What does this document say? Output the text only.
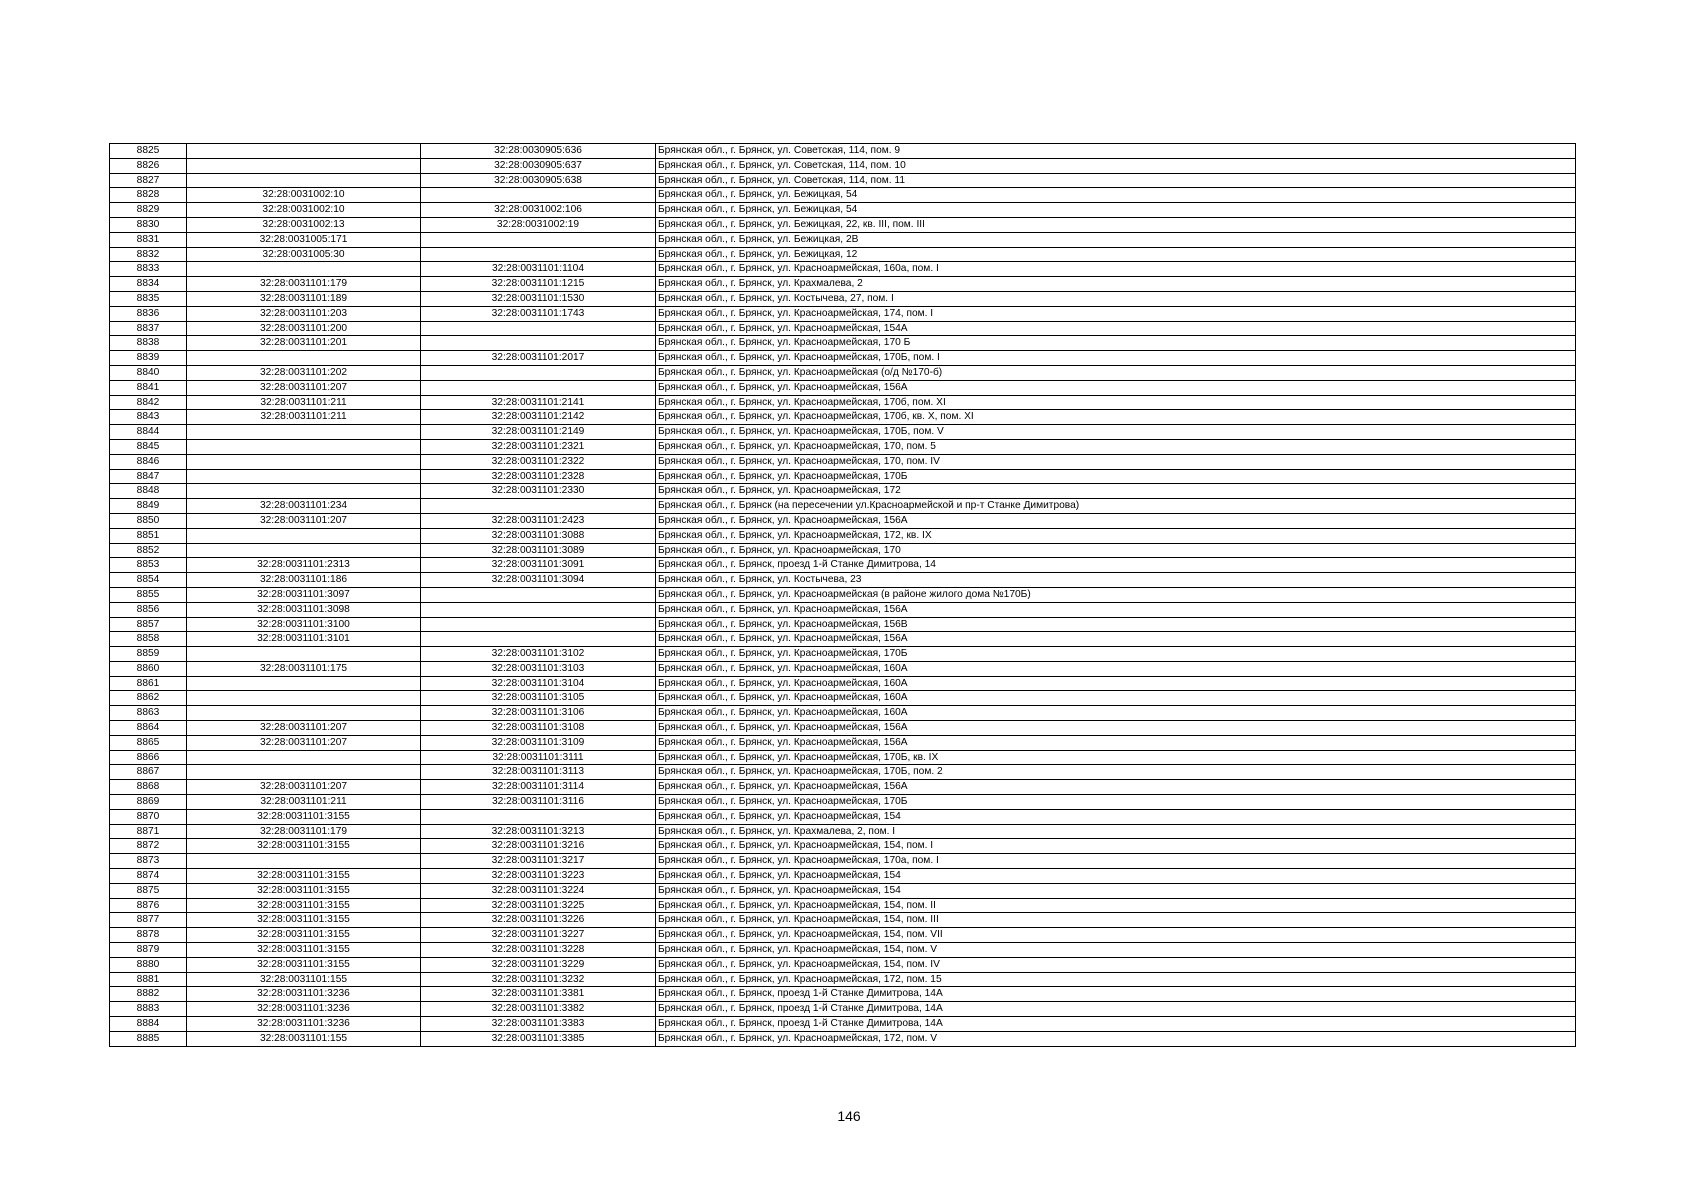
8825		32:28:0030905:636	Брянская обл., г. Брянск, ул. Советская, 114, пом. 9
8826		32:28:0030905:637	Брянская обл., г. Брянск, ул. Советская, 114, пом. 10
8827		32:28:0030905:638	Брянская обл., г. Брянск, ул. Советская, 114, пом. 11
8828	32:28:0031002:10		Брянская обл., г. Брянск, ул. Бежицкая, 54
8829	32:28:0031002:10	32:28:0031002:106	Брянская обл., г. Брянск, ул. Бежицкая, 54
8830	32:28:0031002:13	32:28:0031002:19	Брянская обл., г. Брянск, ул. Бежицкая, 22, кв. III, пом. III
8831	32:28:0031005:171		Брянская обл., г. Брянск, ул. Бежицкая, 2В
8832	32:28:0031005:30		Брянская обл., г. Брянск, ул. Бежицкая, 12
8833		32:28:0031101:1104	Брянская обл., г. Брянск, ул. Красноармейская, 160а, пом. I
8834	32:28:0031101:179	32:28:0031101:1215	Брянская обл., г. Брянск, ул. Крахмалева, 2
8835	32:28:0031101:189	32:28:0031101:1530	Брянская обл., г. Брянск, ул. Костычева, 27, пом. I
8836	32:28:0031101:203	32:28:0031101:1743	Брянская обл., г. Брянск, ул. Красноармейская, 174, пом. I
8837	32:28:0031101:200		Брянская обл., г. Брянск, ул. Красноармейская, 154А
8838	32:28:0031101:201		Брянская обл., г. Брянск, ул. Красноармейская, 170 Б
8839		32:28:0031101:2017	Брянская обл., г. Брянск, ул. Красноармейская, 170Б, пом. I
8840	32:28:0031101:202		Брянская обл., г. Брянск, ул. Красноармейская (о/д №170-б)
8841	32:28:0031101:207		Брянская обл., г. Брянск, ул. Красноармейская, 156А
8842	32:28:0031101:211	32:28:0031101:2141	Брянская обл., г. Брянск, ул. Красноармейская, 170б, пом. XI
8843	32:28:0031101:211	32:28:0031101:2142	Брянская обл., г. Брянск, ул. Красноармейская, 170б, кв. X, пом. XI
8844		32:28:0031101:2149	Брянская обл., г. Брянск, ул. Красноармейская, 170Б, пом. V
8845		32:28:0031101:2321	Брянская обл., г. Брянск, ул. Красноармейская, 170, пом. 5
8846		32:28:0031101:2322	Брянская обл., г. Брянск, ул. Красноармейская, 170, пом. IV
8847		32:28:0031101:2328	Брянская обл., г. Брянск, ул. Красноармейская, 170Б
8848		32:28:0031101:2330	Брянская обл., г. Брянск, ул. Красноармейская, 172
8849	32:28:0031101:234		Брянская обл., г. Брянск (на пересечении ул.Красноармейской и пр-т Станке Димитрова)
8850	32:28:0031101:207	32:28:0031101:2423	Брянская обл., г. Брянск, ул. Красноармейская, 156А
8851		32:28:0031101:3088	Брянская обл., г. Брянск, ул. Красноармейская, 172, кв. IX
8852		32:28:0031101:3089	Брянская обл., г. Брянск, ул. Красноармейская, 170
8853	32:28:0031101:2313	32:28:0031101:3091	Брянская обл., г. Брянск, проезд 1-й Станке Димитрова, 14
8854	32:28:0031101:186	32:28:0031101:3094	Брянская обл., г. Брянск, ул. Костычева, 23
8855	32:28:0031101:3097		Брянская обл., г. Брянск, ул. Красноармейская (в районе жилого дома №170Б)
8856	32:28:0031101:3098		Брянская обл., г. Брянск, ул. Красноармейская, 156А
8857	32:28:0031101:3100		Брянская обл., г. Брянск, ул. Красноармейская, 156В
8858	32:28:0031101:3101		Брянская обл., г. Брянск, ул. Красноармейская, 156А
8859		32:28:0031101:3102	Брянская обл., г. Брянск, ул. Красноармейская, 170Б
8860	32:28:0031101:175	32:28:0031101:3103	Брянская обл., г. Брянск, ул. Красноармейская, 160А
8861		32:28:0031101:3104	Брянская обл., г. Брянск, ул. Красноармейская, 160А
8862		32:28:0031101:3105	Брянская обл., г. Брянск, ул. Красноармейская, 160А
8863		32:28:0031101:3106	Брянская обл., г. Брянск, ул. Красноармейская, 160А
8864	32:28:0031101:207	32:28:0031101:3108	Брянская обл., г. Брянск, ул. Красноармейская, 156А
8865	32:28:0031101:207	32:28:0031101:3109	Брянская обл., г. Брянск, ул. Красноармейская, 156А
8866		32:28:0031101:3111	Брянская обл., г. Брянск, ул. Красноармейская, 170Б, кв. IX
8867		32:28:0031101:3113	Брянская обл., г. Брянск, ул. Красноармейская, 170Б, пом. 2
8868	32:28:0031101:207	32:28:0031101:3114	Брянская обл., г. Брянск, ул. Красноармейская, 156А
8869	32:28:0031101:211	32:28:0031101:3116	Брянская обл., г. Брянск, ул. Красноармейская, 170Б
8870	32:28:0031101:3155		Брянская обл., г. Брянск, ул. Красноармейская, 154
8871	32:28:0031101:179	32:28:0031101:3213	Брянская обл., г. Брянск, ул. Крахмалева, 2, пом. I
8872	32:28:0031101:3155	32:28:0031101:3216	Брянская обл., г. Брянск, ул. Красноармейская, 154, пом. I
8873		32:28:0031101:3217	Брянская обл., г. Брянск, ул. Красноармейская, 170а, пом. I
8874	32:28:0031101:3155	32:28:0031101:3223	Брянская обл., г. Брянск, ул. Красноармейская, 154
8875	32:28:0031101:3155	32:28:0031101:3224	Брянская обл., г. Брянск, ул. Красноармейская, 154
8876	32:28:0031101:3155	32:28:0031101:3225	Брянская обл., г. Брянск, ул. Красноармейская, 154, пом. II
8877	32:28:0031101:3155	32:28:0031101:3226	Брянская обл., г. Брянск, ул. Красноармейская, 154, пом. III
8878	32:28:0031101:3155	32:28:0031101:3227	Брянская обл., г. Брянск, ул. Красноармейская, 154, пом. VII
8879	32:28:0031101:3155	32:28:0031101:3228	Брянская обл., г. Брянск, ул. Красноармейская, 154, пом. V
8880	32:28:0031101:3155	32:28:0031101:3229	Брянская обл., г. Брянск, ул. Красноармейская, 154, пом. IV
8881	32:28:0031101:155	32:28:0031101:3232	Брянская обл., г. Брянск, ул. Красноармейская, 172, пом. 15
8882	32:28:0031101:3236	32:28:0031101:3381	Брянская обл., г. Брянск, проезд 1-й Станке Димитрова, 14А
8883	32:28:0031101:3236	32:28:0031101:3382	Брянская обл., г. Брянск, проезд 1-й Станке Димитрова, 14А
8884	32:28:0031101:3236	32:28:0031101:3383	Брянская обл., г. Брянск, проезд 1-й Станке Димитрова, 14А
8885	32:28:0031101:155	32:28:0031101:3385	Брянская обл., г. Брянск, ул. Красноармейская, 172, пом. V
146
